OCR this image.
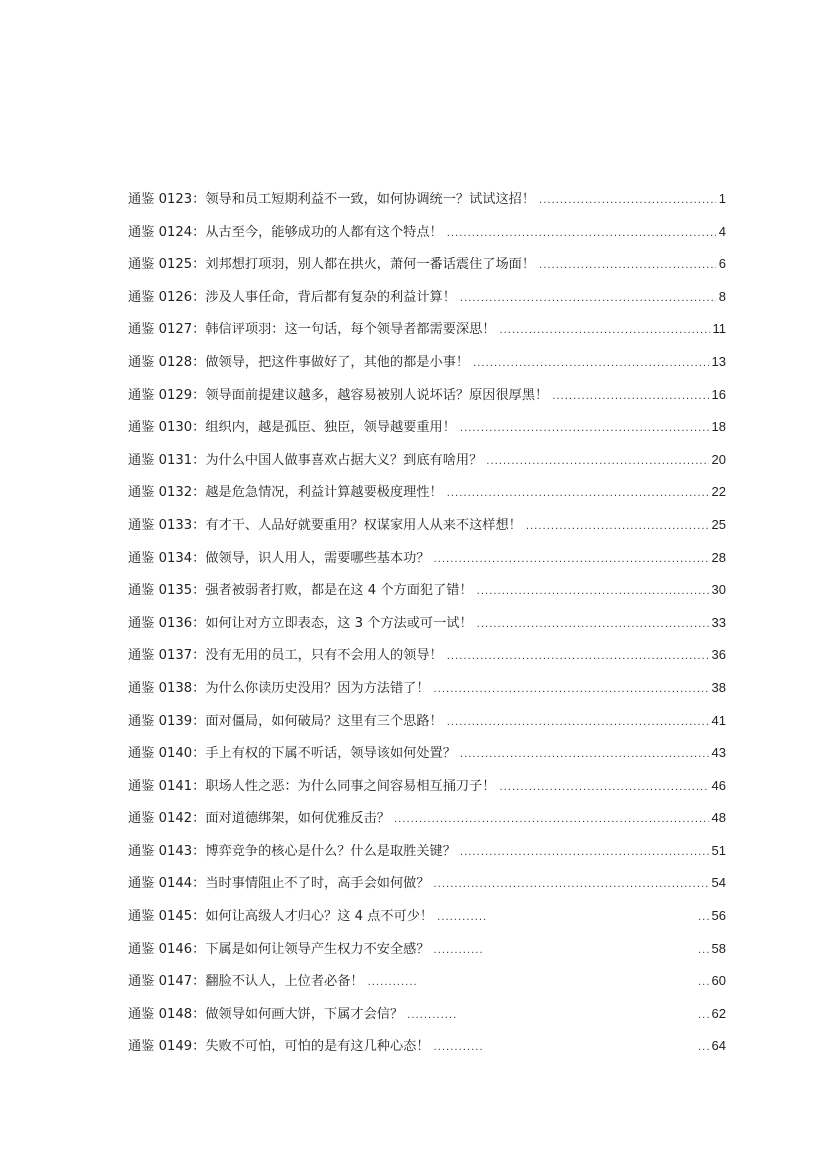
通鉴 0123：领导和员工短期利益不一致，如何协调统一？试试这招！ .....	1
通鉴 0124：从古至今，能够成功的人都有这个特点！ .....	4
通鉴 0125：刘邦想打项羽，别人都在拱火，萧何一番话震住了场面！ .....	6
通鉴 0126：涉及人事任命，背后都有复杂的利益计算！ .....	8
通鉴 0127：韩信评项羽：这一句话，每个领导者都需要深思！ .....	11
通鉴 0128：做领导，把这件事做好了，其他的都是小事！ .....	13
通鉴 0129：领导面前提建议越多，越容易被别人说坏话？原因很厚黑！ .....	16
通鉴 0130：组织内，越是孤臣、独臣，领导越要重用！ .....	18
通鉴 0131：为什么中国人做事喜欢占据大义？到底有啥用？ .....	20
通鉴 0132：越是危急情况，利益计算越要极度理性！ .....	22
通鉴 0133：有才干、人品好就要重用？权谋家用人从来不这样想！ .....	25
通鉴 0134：做领导，识人用人，需要哪些基本功？ .....	28
通鉴 0135：强者被弱者打败，都是在这 4 个方面犯了错！ .....	30
通鉴 0136：如何让对方立即表态，这 3 个方法或可一试！ .....	33
通鉴 0137：没有无用的员工，只有不会用人的领导！ .....	36
通鉴 0138：为什么你读历史没用？因为方法错了！ .....	38
通鉴 0139：面对僵局，如何破局？这里有三个思路！ .....	41
通鉴 0140：手上有权的下属不听话，领导该如何处置？ .....	43
通鉴 0141：职场人性之恶：为什么同事之间容易相互捅刀子！ .....	46
通鉴 0142：面对道德绑架，如何优雅反击？ .....	48
通鉴 0143：博弈竞争的核心是什么？什么是取胜关键？ .....	51
通鉴 0144：当时事情阻止不了时，高手会如何做？ .....	54
通鉴 0145：如何让高级人才归心？这 4 点不可少！ ..... ...	56
通鉴 0146：下属是如何让领导产生权力不安全感？ ..... ...	58
通鉴 0147：翻脸不认人，上位者必备！ ..... ...	60
通鉴 0148：做领导如何画大饼，下属才会信？ ..... ...	62
通鉴 0149：失败不可怕，可怕的是有这几种心态！ ..... ...	64
